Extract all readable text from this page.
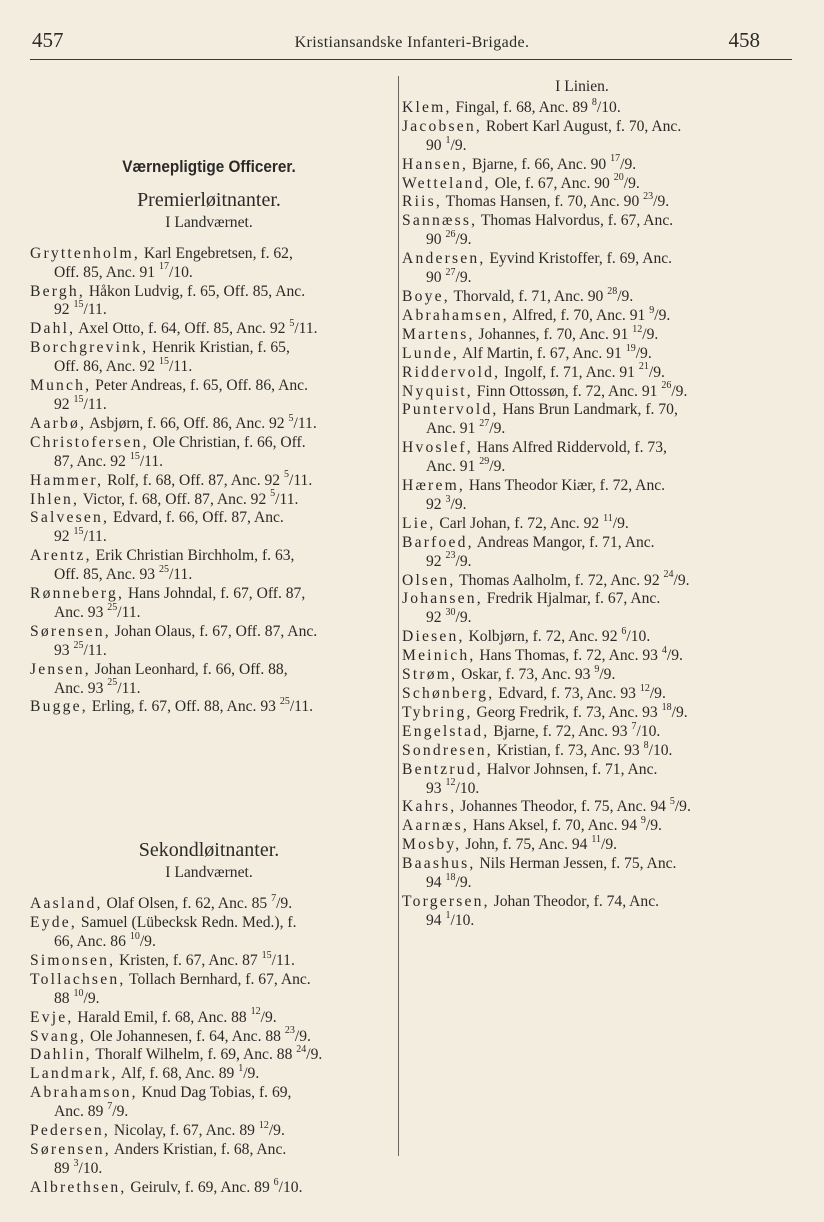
457	Kristiansandske Infanteri-Brigade.	458
Værnepligtige Officerer.
Premierløitnanter.
I Landværnet.
Gryttenholm, Karl Engebretsen, f. 62,
Off. 85, Anc. 91 $^{17}$/10.
Bergh, Håkon Ludvig, f. 65, Off. 85, Anc.
92 $^{15}$/11.
Dahl, Axel Otto, f. 64, Off. 85, Anc. 92 $^5$/11.
Borchgrevink, Henrik Kristian, f. 65,
Off. 86, Anc. 92 $^{15}$/11.
Munch, Peter Andreas, f. 65, Off. 86, Anc.
92 $^{15}$/11.
Aarbø, Asbjørn, f. 66, Off. 86, Anc. 92 $^5$/11.
Christofersen, Ole Christian, f. 66, Off.
87, Anc. 92 $^{15}$/11.
Hammer, Rolf, f. 68, Off. 87, Anc. 92 $^5$/11.
Ihlen, Victor, f. 68, Off. 87, Anc. 92 $^5$/11.
Salvesen, Edvard, f. 66, Off. 87, Anc.
92 $^{15}$/11.
Arentz, Erik Christian Birchholm, f. 63,
Off. 85, Anc. 93 $^{25}$/11.
Rønneberg, Hans Johndal, f. 67, Off. 87,
Anc. 93 $^{25}$/11.
Sørensen, Johan Olaus, f. 67, Off. 87, Anc.
93 $^{25}$/11.
Jensen, Johan Leonhard, f. 66, Off. 88,
Anc. 93 $^{25}$/11.
Bugge, Erling, f. 67, Off. 88, Anc. 93 $^{25}$/11.
Sekondløitnanter.
I Landværnet.
Aasland, Olaf Olsen, f. 62, Anc. 85 $^7$/9.
Eyde, Samuel (Lübecksk Redn. Med.), f.
66, Anc. 86 $^{10}$/9.
Simonsen, Kristen, f. 67, Anc. 87 $^{15}$/11.
Tollachsen, Tollach Bernhard, f. 67, Anc.
88 $^{10}$/9.
Evje, Harald Emil, f. 68, Anc. 88 $^{12}$/9.
Svang, Ole Johannesen, f. 64, Anc. 88 $^{23}$/9.
Dahlin, Thoralf Wilhelm, f. 69, Anc. 88 $^{24}$/9.
Landmark, Alf, f. 68, Anc. 89 $^1$/9.
Abrahamson, Knud Dag Tobias, f. 69,
Anc. 89 $^7$/9.
Pedersen, Nicolay, f. 67, Anc. 89 $^{12}$/9.
Sørensen, Anders Kristian, f. 68, Anc.
89 $^3$/10.
Albrethsen, Geirulv, f. 69, Anc. 89 $^6$/10.
I Linien.
Klem, Fingal, f. 68, Anc. 89 $^8$/10.
Jacobsen, Robert Karl August, f. 70, Anc.
90 $^1$/9.
Hansen, Bjarne, f. 66, Anc. 90 $^{17}$/9.
Wetteland, Ole, f. 67, Anc. 90 $^{20}$/9.
Riis, Thomas Hansen, f. 70, Anc. 90 $^{23}$/9.
Sannæss, Thomas Halvordus, f. 67, Anc.
90 $^{26}$/9.
Andersen, Eyvind Kristoffer, f. 69, Anc.
90 $^{27}$/9.
Boye, Thorvald, f. 71, Anc. 90 $^{28}$/9.
Abrahamsen, Alfred, f. 70, Anc. 91 $^9$/9.
Martens, Johannes, f. 70, Anc. 91 $^{12}$/9.
Lunde, Alf Martin, f. 67, Anc. 91 $^{19}$/9.
Riddervold, Ingolf, f. 71, Anc. 91 $^{21}$/9.
Nyquist, Finn Ottossøn, f. 72, Anc. 91 $^{26}$/9.
Puntervold, Hans Brun Landmark, f. 70,
Anc. 91 $^{27}$/9.
Hvoslef, Hans Alfred Riddervold, f. 73,
Anc. 91 $^{29}$/9.
Hærem, Hans Theodor Kiær, f. 72, Anc.
92 $^3$/9.
Lie, Carl Johan, f. 72, Anc. 92 $^{11}$/9.
Barfoed, Andreas Mangor, f. 71, Anc.
92 $^{23}$/9.
Olsen, Thomas Aalholm, f. 72, Anc. 92 $^{24}$/9.
Johansen, Fredrik Hjalmar, f. 67, Anc.
92 $^{30}$/9.
Diesen, Kolbjørn, f. 72, Anc. 92 $^6$/10.
Meinich, Hans Thomas, f. 72, Anc. 93 $^4$/9.
Strøm, Oskar, f. 73, Anc. 93 $^9$/9.
Schønberg, Edvard, f. 73, Anc. 93 $^{12}$/9.
Tybring, Georg Fredrik, f. 73, Anc. 93 $^{18}$/9.
Engelstad, Bjarne, f. 72, Anc. 93 $^7$/10.
Sondresen, Kristian, f. 73, Anc. 93 $^8$/10.
Bentzrud, Halvor Johnsen, f. 71, Anc.
93 $^{12}$/10.
Kahrs, Johannes Theodor, f. 75, Anc. 94 $^5$/9.
Aarnæs, Hans Aksel, f. 70, Anc. 94 $^9$/9.
Mosby, John, f. 75, Anc. 94 $^{11}$/9.
Baashus, Nils Herman Jessen, f. 75, Anc.
94 $^{18}$/9.
Torgersen, Johan Theodor, f. 74, Anc.
94 $^1$/10.
